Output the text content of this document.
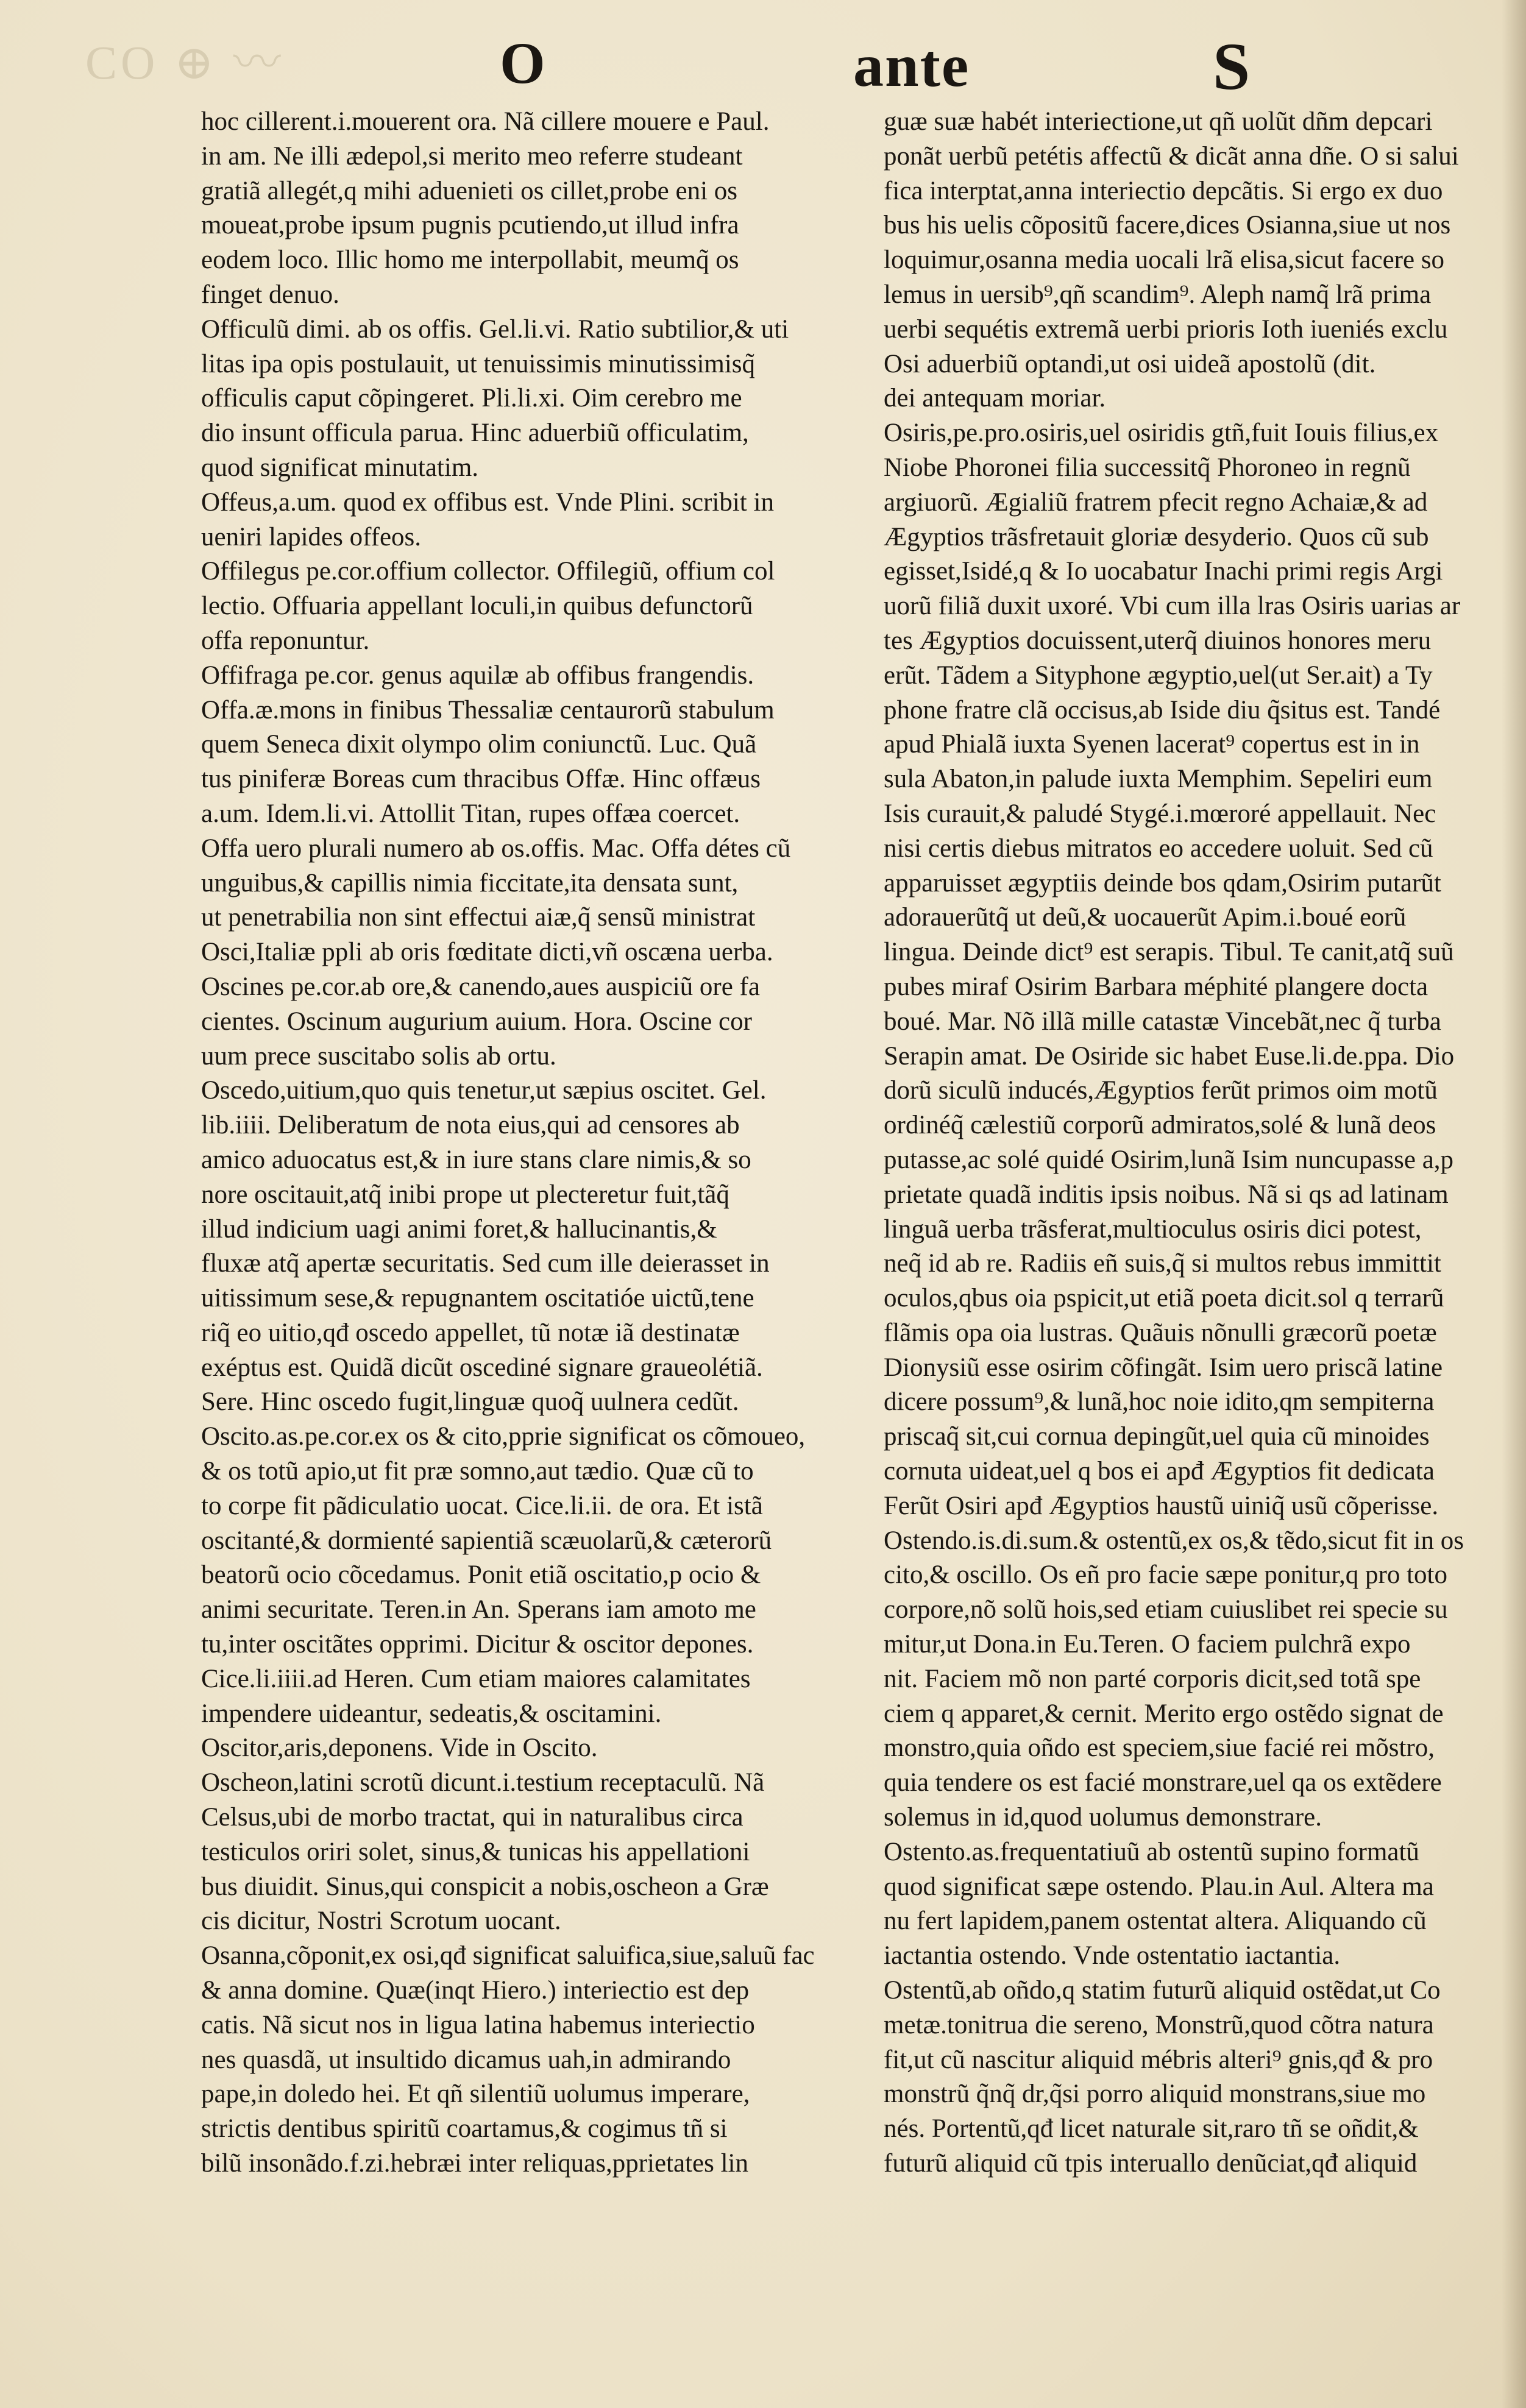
CO ⊕ 〰	O	ante	S
hoc cillerent.i.mouerent ora. Nã cillere mouere e Paul.
in am. Ne illi ædepol,si merito meo referre studeant
gratiã allegét,q mihi aduenieti os cillet,probe eni os
moueat,probe ipsum pugnis pcutiendo,ut illud infra
eodem loco. Illic homo me interpollabit, meumq̃ os
finget denuo.
Officulũ dimi. ab os offis. Gel.li.vi. Ratio subtilior,& uti
litas ipa opis postulauit, ut tenuissimis minutissimisq̃
officulis caput cõpingeret. Pli.li.xi. Oim cerebro me
dio insunt officula parua. Hinc aduerbiũ officulatim,
quod significat minutatim.
Offeus,a.um. quod ex offibus est. Vnde Plini. scribit in
ueniri lapides offeos.
Offilegus pe.cor.offium collector. Offilegiũ, offium col
lectio. Offuaria appellant loculi,in quibus defunctorũ
offa reponuntur.
Offifraga pe.cor. genus aquilæ ab offibus frangendis.
Offa.æ.mons in finibus Thessaliæ centaurorũ stabulum
quem Seneca dixit olympo olim coniunctũ. Luc. Quã
tus piniferæ Boreas cum thracibus Offæ. Hinc offæus
a.um. Idem.li.vi. Attollit Titan, rupes offæa coercet.
Offa uero plurali numero ab os.offis. Mac. Offa détes cũ
unguibus,& capillis nimia ficcitate,ita densata sunt,
ut penetrabilia non sint effectui aiæ,q̃ sensũ ministrat
Osci,Italiæ ppli ab oris fœditate dicti,vñ oscæna uerba.
Oscines pe.cor.ab ore,& canendo,aues auspiciũ ore fa
cientes. Oscinum augurium auium. Hora. Oscine cor
uum prece suscitabo solis ab ortu.
Oscedo,uitium,quo quis tenetur,ut sæpius oscitet. Gel.
lib.iiii. Deliberatum de nota eius,qui ad censores ab
amico aduocatus est,& in iure stans clare nimis,& so
nore oscitauit,atq̃ inibi prope ut plecteretur fuit,tãq̃
illud indicium uagi animi foret,& hallucinantis,&
fluxæ atq̃ apertæ securitatis. Sed cum ille deierasset in
uitissimum sese,& repugnantem oscitatióe uictũ,tene
riq̃ eo uitio,qđ oscedo appellet, tũ notæ iã destinatæ
exéptus est. Quidã dicũt oscediné signare graueolétiã.
Sere. Hinc oscedo fugit,linguæ quoq̃ uulnera cedũt.
Oscito.as.pe.cor.ex os & cito,pprie significat os cõmoueo,
& os totũ apio,ut fit præ somno,aut tædio. Quæ cũ to
to corpe fit pãdiculatio uocat. Cice.li.ii. de ora. Et istã
oscitanté,& dormienté sapientiã scæuolarũ,& cæterorũ
beatorũ ocio cõcedamus. Ponit etiã oscitatio,p ocio &
animi securitate. Teren.in An. Sperans iam amoto me
tu,inter oscitãtes opprimi. Dicitur & oscitor depones.
Cice.li.iiii.ad Heren. Cum etiam maiores calamitates
impendere uideantur, sedeatis,& oscitamini.
Oscitor,aris,deponens. Vide in Oscito.
Oscheon,latini scrotũ dicunt.i.testium receptaculũ. Nã
Celsus,ubi de morbo tractat, qui in naturalibus circa
testiculos oriri solet, sinus,& tunicas his appellationi
bus diuidit. Sinus,qui conspicit a nobis,oscheon a Græ
cis dicitur, Nostri Scrotum uocant.
Osanna,cõponit,ex osi,qđ significat saluifica,siue,saluũ fac
& anna domine. Quæ(inqt Hiero.) interiectio est dep
catis. Nã sicut nos in ligua latina habemus interiectio
nes quasdã, ut insultido dicamus uah,in admirando
pape,in doledo hei. Et qñ silentiũ uolumus imperare,
strictis dentibus spiritũ coartamus,& cogimus tñ si
bilũ insonãdo.f.zi.hebræi inter reliquas,pprietates lin
guæ suæ habét interiectione,ut qñ uolũt dñm depcari
ponãt uerbũ petétis affectũ & dicãt anna dñe. O si salui
fica interptat,anna interiectio depcãtis. Si ergo ex duo
bus his uelis cõpositũ facere,dices Osianna,siue ut nos
loquimur,osanna media uocali lrã elisa,sicut facere so
lemus in uersib⁹,qñ scandim⁹. Aleph namq̃ lrã prima
uerbi sequétis extremã uerbi prioris Ioth iueniés exclu
Osi aduerbiũ optandi,ut osi uideã apostolũ (dit.
dei antequam moriar.
Osiris,pe.pro.osiris,uel osiridis gtñ,fuit Iouis filius,ex
Niobe Phoronei filia successitq̃ Phoroneo in regnũ
argiuorũ. Ægialiũ fratrem pfecit regno Achaiæ,& ad
Ægyptios trãsfretauit gloriæ desyderio. Quos cũ sub
egisset,Isidé,q & Io uocabatur Inachi primi regis Argi
uorũ filiã duxit uxoré. Vbi cum illa lras Osiris uarias ar
tes Ægyptios docuissent,uterq̃ diuinos honores meru
erũt. Tãdem a Sityphone ægyptio,uel(ut Ser.ait) a Ty
phone fratre clã occisus,ab Iside diu q̃situs est. Tandé
apud Phialã iuxta Syenen lacerat⁹ copertus est in in
sula Abaton,in palude iuxta Memphim. Sepeliri eum
Isis curauit,& paludé Stygé.i.mœroré appellauit. Nec
nisi certis diebus mitratos eo accedere uoluit. Sed cũ
apparuisset ægyptiis deinde bos qdam,Osirim putarũt
adorauerũtq̃ ut deũ,& uocauerũt Apim.i.boué eorũ
lingua. Deinde dict⁹ est serapis. Tibul. Te canit,atq̃ suũ
pubes miraf Osirim Barbara méphité plangere docta
boué. Mar. Nõ illã mille catastæ Vincebãt,nec q̃ turba
Serapin amat. De Osiride sic habet Euse.li.de.ppa. Dio
dorũ siculũ inducés,Ægyptios ferũt primos oim motũ
ordinéq̃ cælestiũ corporũ admiratos,solé & lunã deos
putasse,ac solé quidé Osirim,lunã Isim nuncupasse a,p
prietate quadã inditis ipsis noibus. Nã si qs ad latinam
linguã uerba trãsferat,multioculus osiris dici potest,
neq̃ id ab re. Radiis eñ suis,q̃ si multos rebus immittit
oculos,qbus oia pspicit,ut etiã poeta dicit.sol q terrarũ
flãmis opa oia lustras. Quãuis nõnulli græcorũ poetæ
Dionysiũ esse osirim cõfingãt. Isim uero priscã latine
dicere possum⁹,& lunã,hoc noie idito,qm sempiterna
priscaq̃ sit,cui cornua depingũt,uel quia cũ minoides
cornuta uideat,uel q bos ei apđ Ægyptios fit dedicata
Ferũt Osiri apđ Ægyptios haustũ uiniq̃ usũ cõperisse.
Ostendo.is.di.sum.& ostentũ,ex os,& tẽdo,sicut fit in os
cito,& oscillo. Os eñ pro facie sæpe ponitur,q pro toto
corpore,nõ solũ hois,sed etiam cuiuslibet rei specie su
mitur,ut Dona.in Eu.Teren. O faciem pulchrã expo
nit. Faciem mõ non parté corporis dicit,sed totã spe
ciem q apparet,& cernit. Merito ergo ostẽdo signat de
monstro,quia oñdo est speciem,siue facié rei mõstro,
quia tendere os est facié monstrare,uel qa os extẽdere
solemus in id,quod uolumus demonstrare.
Ostento.as.frequentatiuũ ab ostentũ supino formatũ
quod significat sæpe ostendo. Plau.in Aul. Altera ma
nu fert lapidem,panem ostentat altera. Aliquando cũ
iactantia ostendo. Vnde ostentatio iactantia.
Ostentũ,ab oñdo,q statim futurũ aliquid ostẽdat,ut Co
metæ.tonitrua die sereno, Monstrũ,quod cõtra natura
fit,ut cũ nascitur aliquid mébris alteri⁹ gnis,qđ & pro
monstrũ q̃nq̃ dr,q̃si porro aliquid monstrans,siue mo
nés. Portentũ,qđ licet naturale sit,raro tñ se oñdit,&
futurũ aliquid cũ tpis interuallo denũciat,qđ aliquid
